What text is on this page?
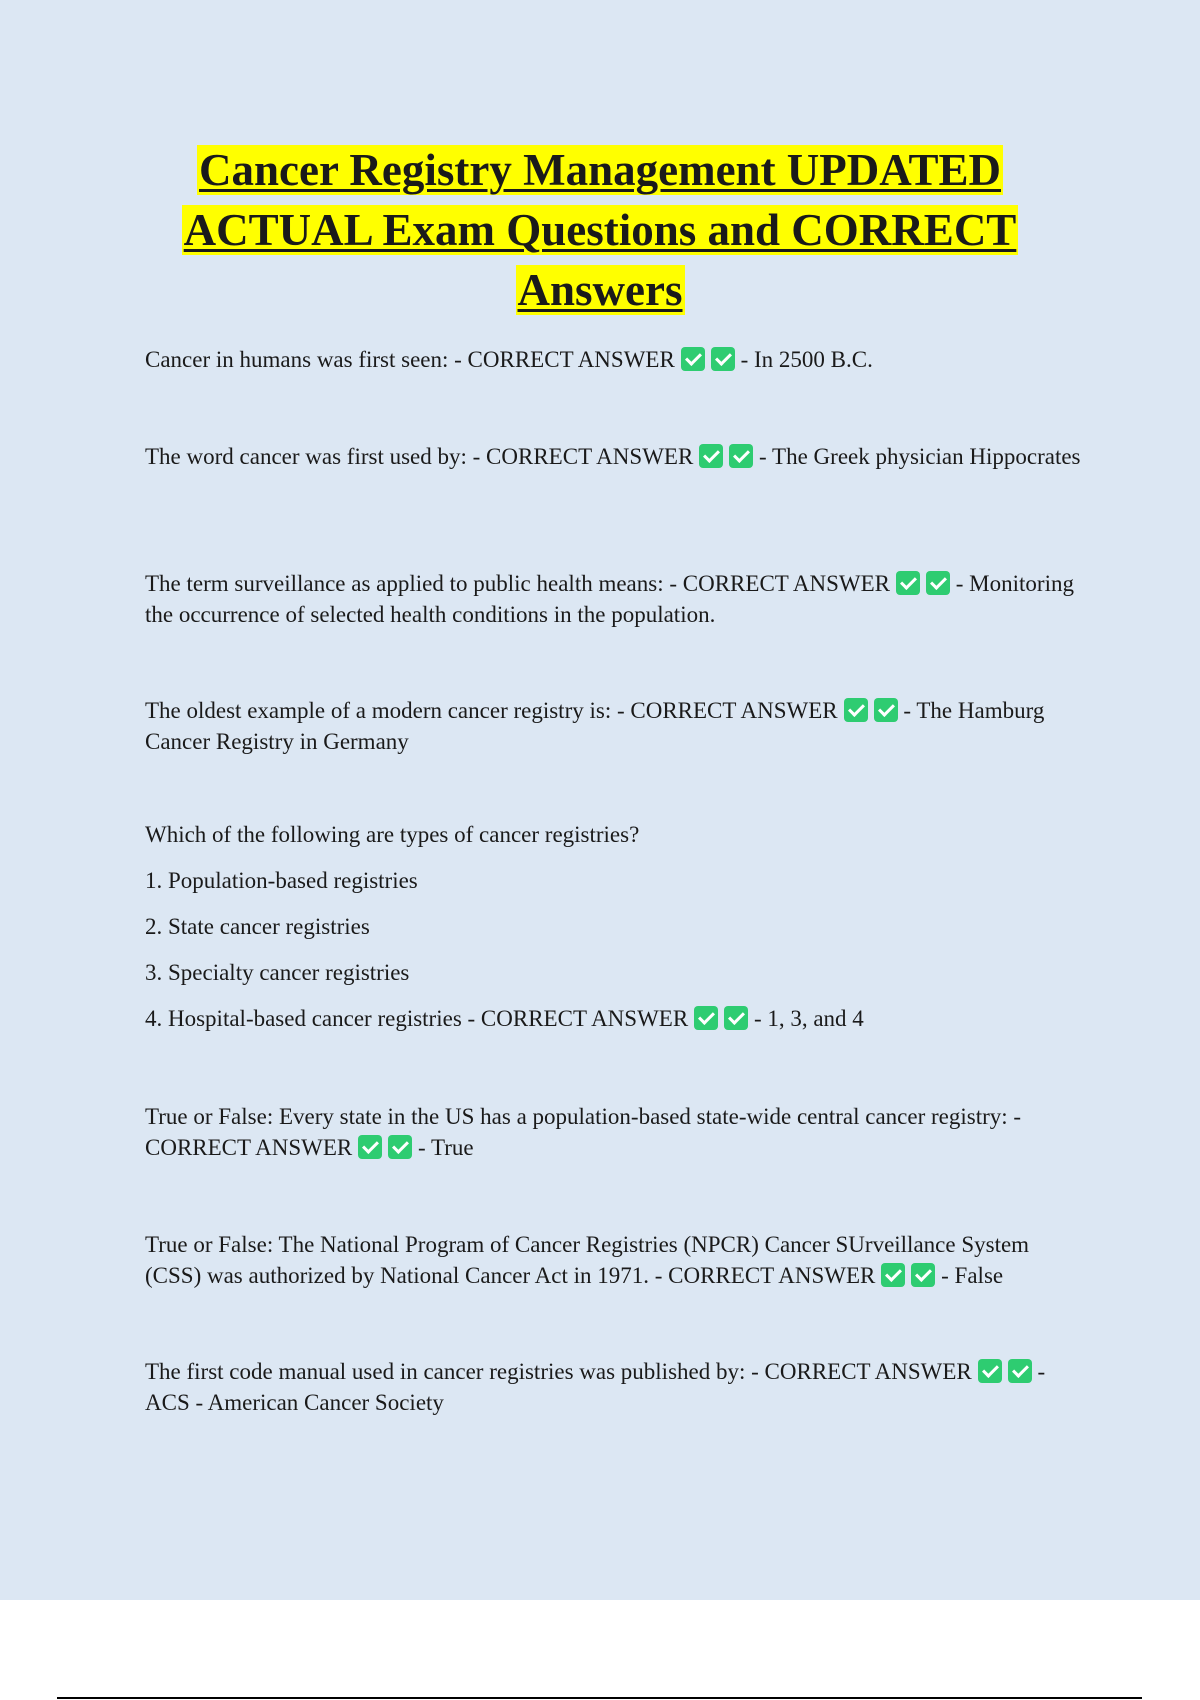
Cancer Registry Management UPDATED
ACTUAL Exam Questions and CORRECT
Answers

Cancer in humans was first seen: - CORRECT ANSWER	- In 2500 B.C.

The word cancer was first used by: - CORRECT ANSWER	- The Greek physician Hippocrates

The term surveillance as applied to public health means: - CORRECT ANSWER	- Monitoring the occurrence of selected health conditions in the population.

The oldest example of a modern cancer registry is: - CORRECT ANSWER	- The Hamburg Cancer Registry in Germany

Which of the following are types of cancer registries?

1. Population-based registries

2. State cancer registries

3. Specialty cancer registries

4. Hospital-based cancer registries - CORRECT ANSWER	- 1, 3, and 4

True or False: Every state in the US has a population-based state-wide central cancer registry: - CORRECT ANSWER	- True

True or False: The National Program of Cancer Registries (NPCR) Cancer SUrveillance System (CSS) was authorized by National Cancer Act in 1971. - CORRECT ANSWER	- False

The first code manual used in cancer registries was published by: - CORRECT ANSWER	- ACS - American Cancer Society
